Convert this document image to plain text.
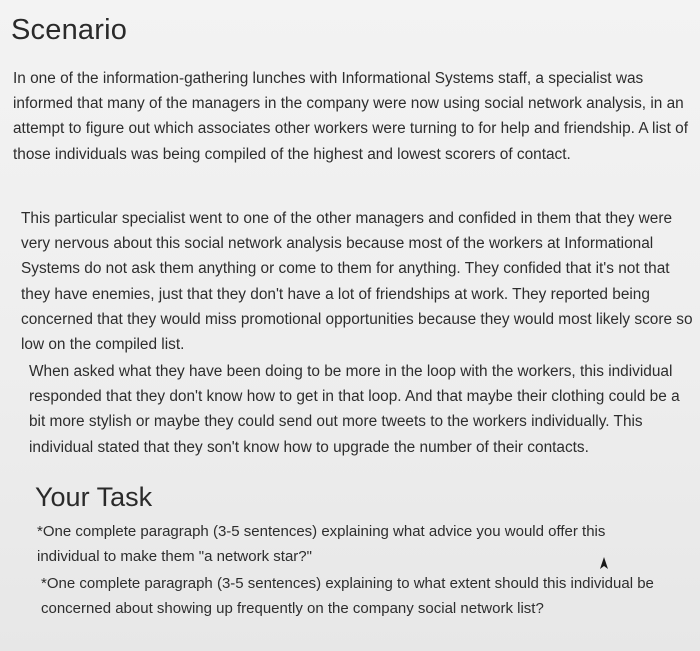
Scenario

In one of the information-gathering lunches with Informational Systems staff, a specialist was informed that many of the managers in the company were now using social network analysis, in an attempt to figure out which associates other workers were turning to for help and friendship. A list of those individuals was being compiled of the highest and lowest scorers of contact.

This particular specialist went to one of the other managers and confided in them that they were very nervous about this social network analysis because most of the workers at Informational Systems do not ask them anything or come to them for anything. They confided that it's not that they have enemies, just that they don't have a lot of friendships at work. They reported being concerned that they would miss promotional opportunities because they would most likely score so low on the compiled list.

When asked what they have been doing to be more in the loop with the workers, this individual responded that they don't know how to get in that loop. And that maybe their clothing could be a bit more stylish or maybe they could send out more tweets to the workers individually. This individual stated that they son't know how to upgrade the number of their contacts.

Your Task

*One complete paragraph (3-5 sentences) explaining what advice you would offer this individual to make them "a network star?"

*One complete paragraph (3-5 sentences) explaining to what extent should this individual be concerned about showing up frequently on the company social network list?
